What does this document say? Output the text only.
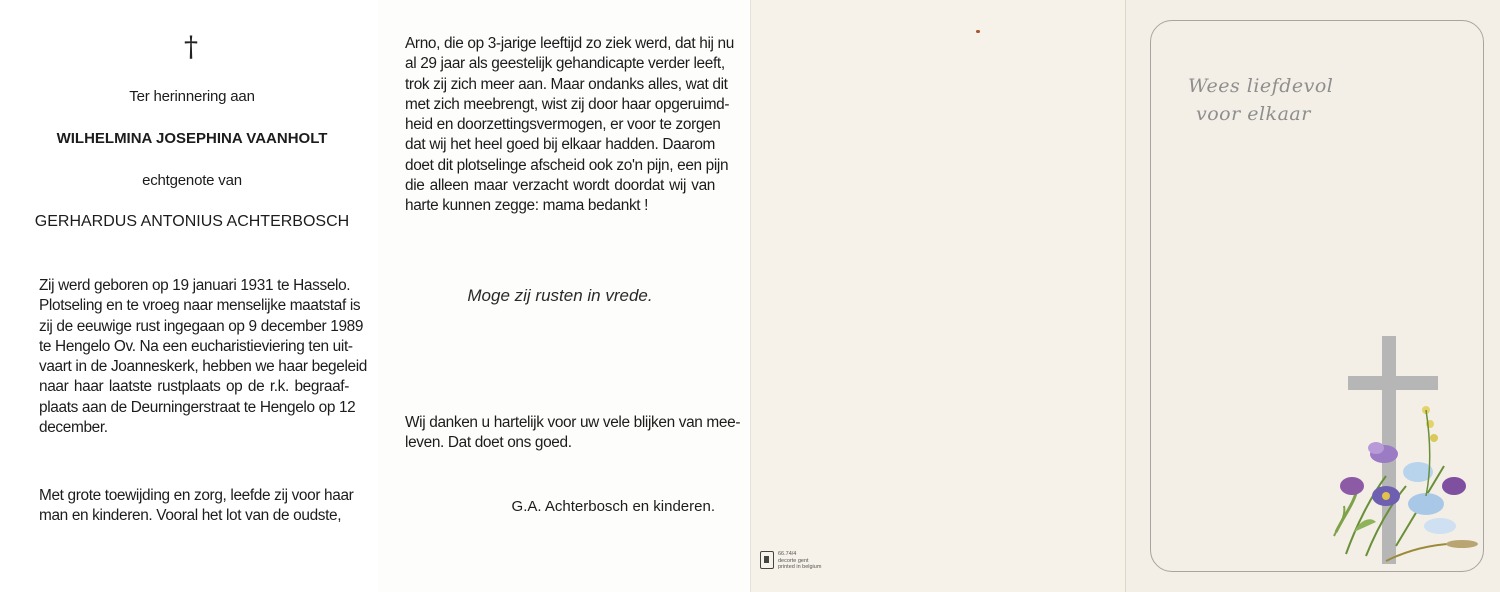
†
Ter herinnering aan
WILHELMINA JOSEPHINA VAANHOLT
echtgenote van
GERHARDUS ANTONIUS ACHTERBOSCH
Zij werd geboren op 19 januari 1931 te Hasselo.
Plotseling en te vroeg naar menselijke maatstaf is
zij de eeuwige rust ingegaan op 9 december 1989
te Hengelo Ov. Na een eucharistieviering ten uit-
vaart in de Joanneskerk, hebben we haar begeleid
naar haar laatste rustplaats op de r.k. begraaf-
plaats aan de Deurningerstraat te Hengelo op 12
december.
Met grote toewijding en zorg, leefde zij voor haar
man en kinderen. Vooral het lot van de oudste,
Arno, die op 3-jarige leeftijd zo ziek werd, dat hij nu
al 29 jaar als geestelijk gehandicapte verder leeft,
trok zij zich meer aan. Maar ondanks alles, wat dit
met zich meebrengt, wist zij door haar opgeruimd-
heid en doorzettingsvermogen, er voor te zorgen
dat wij het heel goed bij elkaar hadden. Daarom
doet dit plotselinge afscheid ook zo'n pijn, een pijn
die alleen maar verzacht wordt doordat wij van
harte kunnen zegge: mama bedankt !
Moge zij rusten in vrede.
Wij danken u hartelijk voor uw vele blijken van mee-
leven. Dat doet ons goed.
G.A. Achterbosch en kinderen.
66.74/4
decorte gent
printed in belgium
Wees liefdevol
voor elkaar
